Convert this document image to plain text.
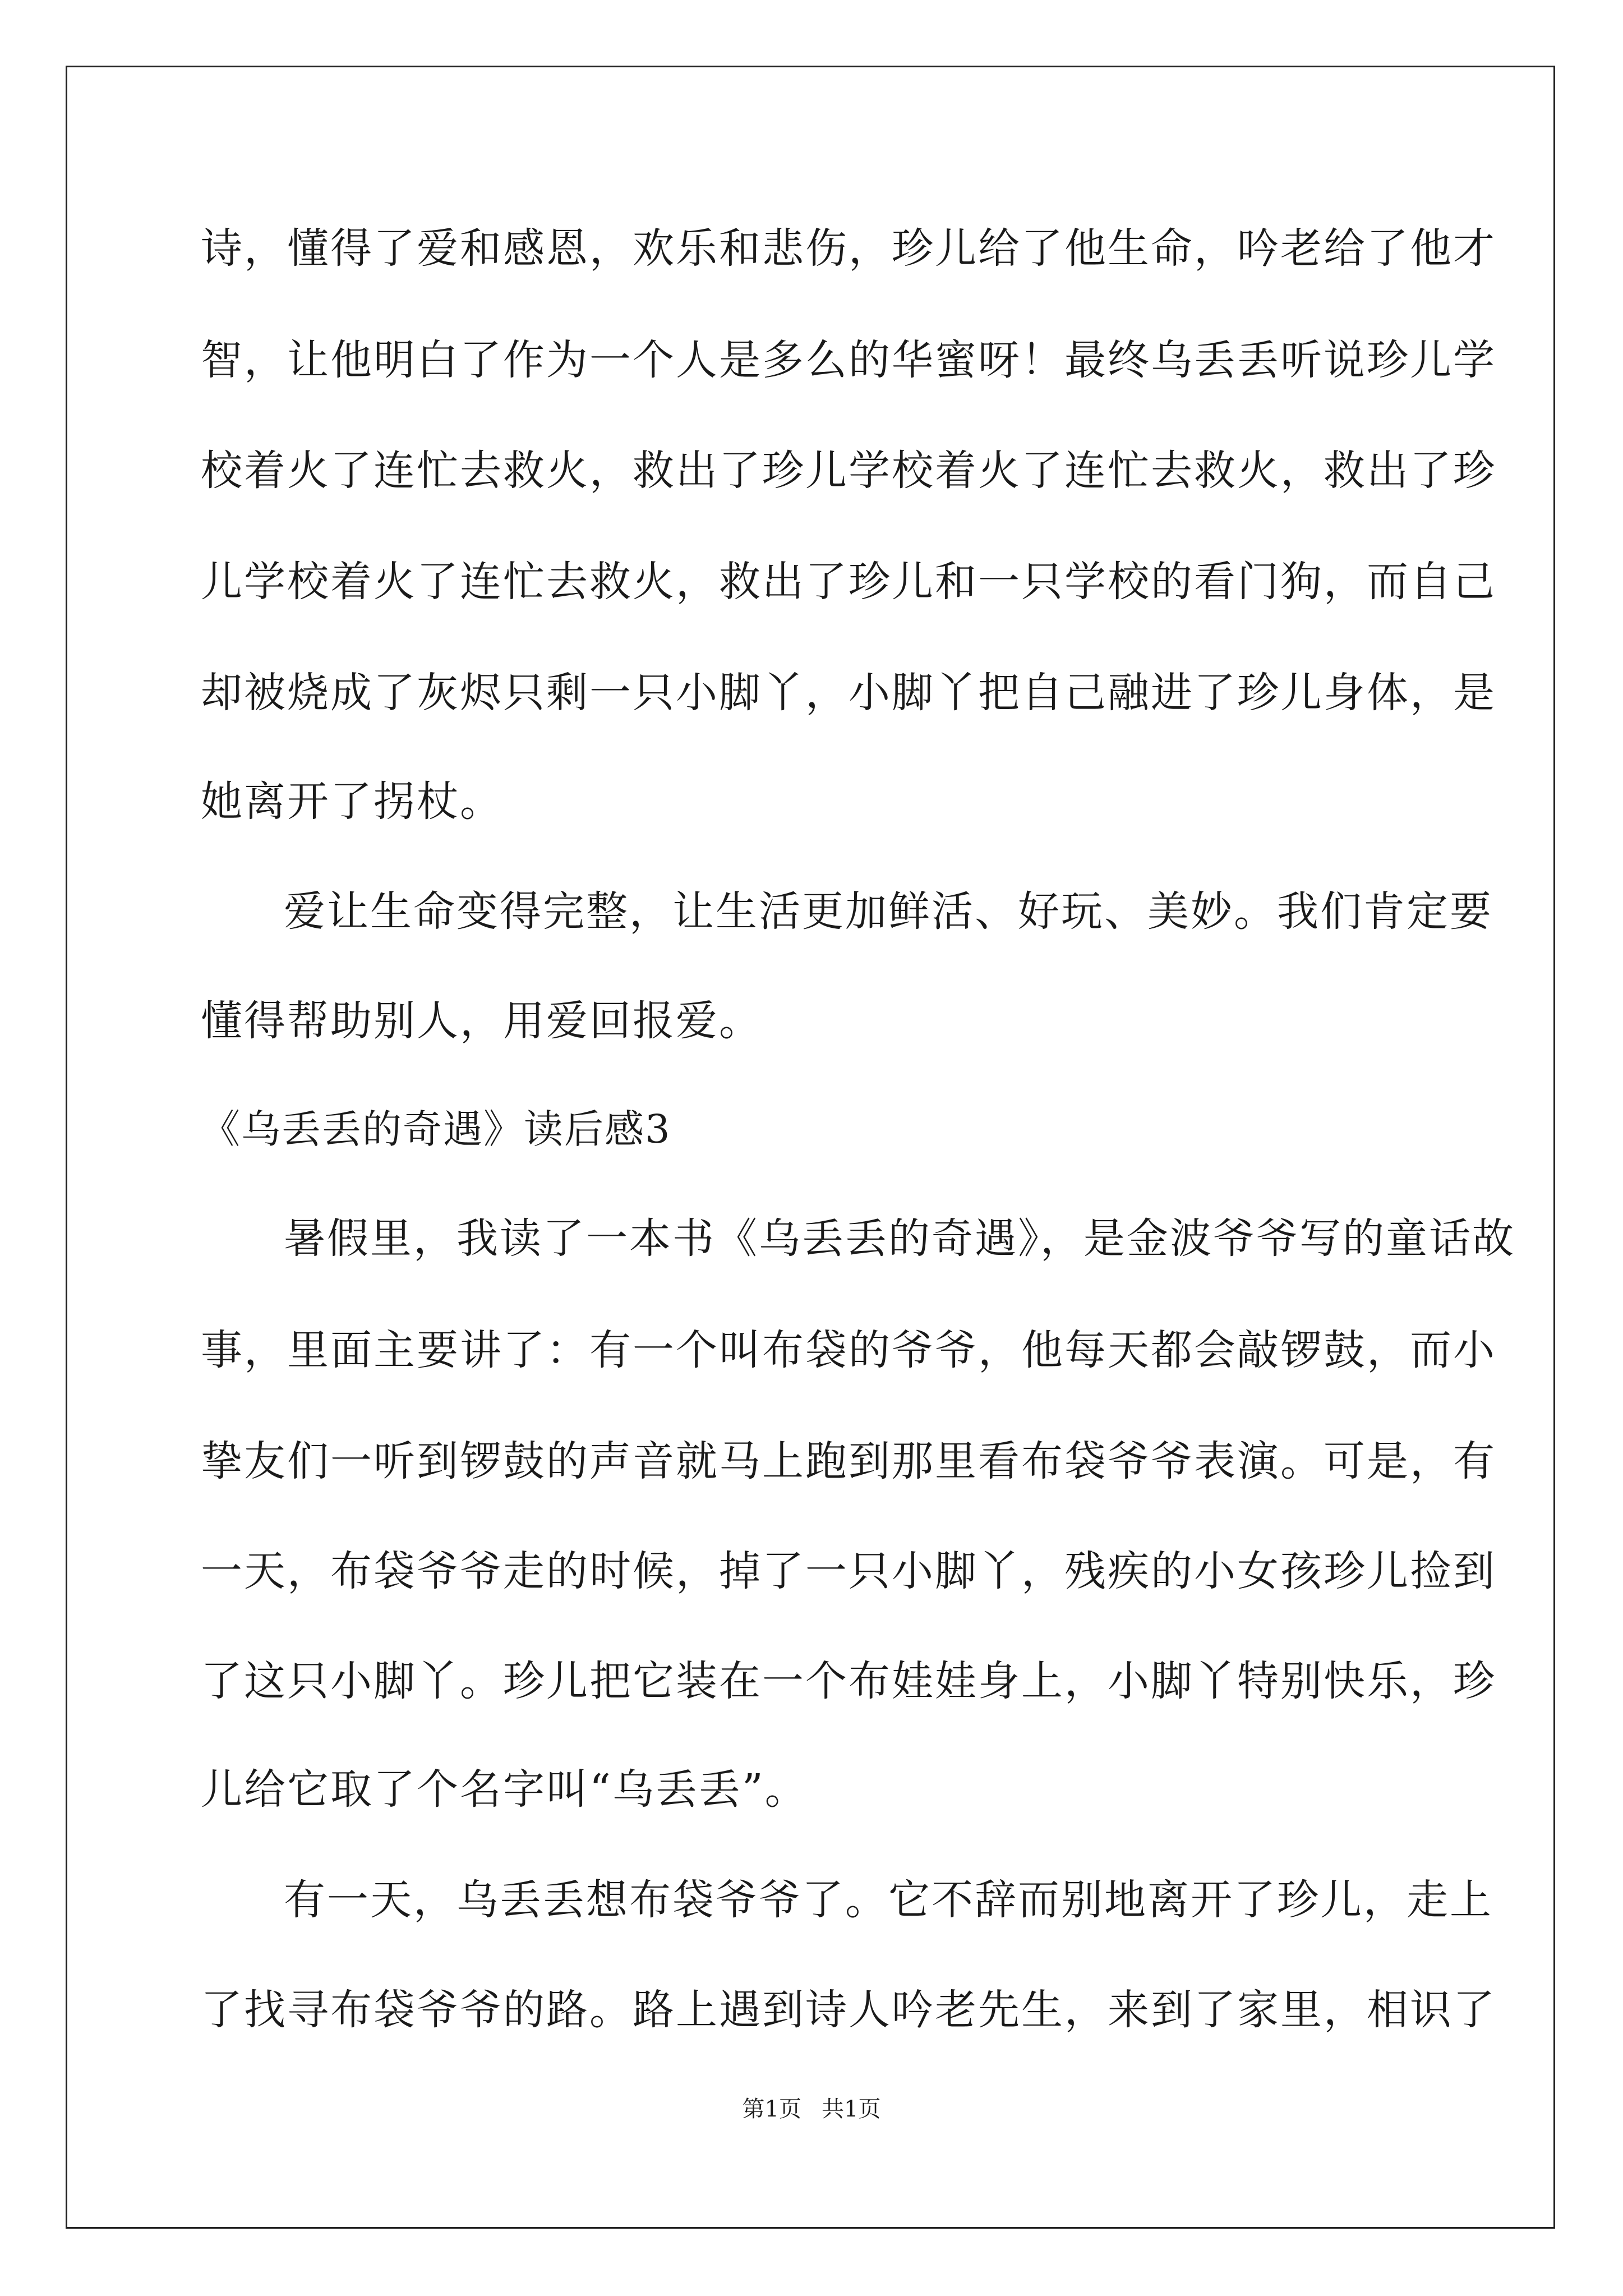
诗，懂得了爱和感恩，欢乐和悲伤，珍儿给了他生命，吟老给了他才
智，让他明白了作为一个人是多么的华蜜呀！最终乌丢丢听说珍儿学
校着火了连忙去救火，救出了珍儿学校着火了连忙去救火，救出了珍
儿学校着火了连忙去救火，救出了珍儿和一只学校的看门狗，而自己
却被烧成了灰烬只剩一只小脚丫，小脚丫把自己融进了珍儿身体，是
她离开了拐杖。
爱让生命变得完整，让生活更加鲜活、好玩、美妙。我们肯定要
懂得帮助别人，用爱回报爱。
《乌丢丢的奇遇》读后感3
暑假里，我读了一本书《乌丢丢的奇遇》，是金波爷爷写的童话故
事，里面主要讲了：有一个叫布袋的爷爷，他每天都会敲锣鼓，而小
挚友们一听到锣鼓的声音就马上跑到那里看布袋爷爷表演。可是，有
一天，布袋爷爷走的时候，掉了一只小脚丫，残疾的小女孩珍儿捡到
了这只小脚丫。珍儿把它装在一个布娃娃身上，小脚丫特别快乐，珍
儿给它取了个名字叫“乌丢丢”。
有一天，乌丢丢想布袋爷爷了。它不辞而别地离开了珍儿，走上
了找寻布袋爷爷的路。路上遇到诗人吟老先生，来到了家里，相识了
第1页 共1页
